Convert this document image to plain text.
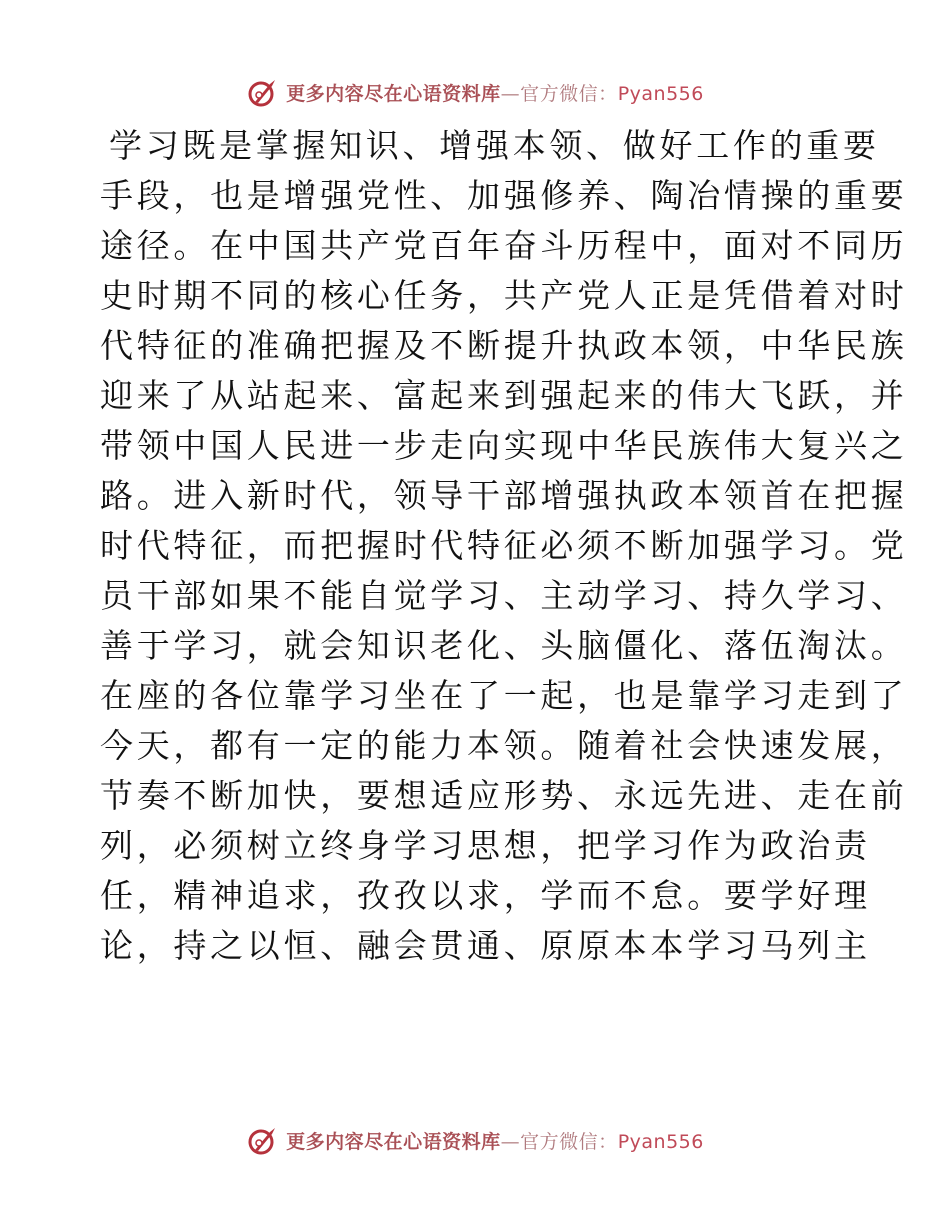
更多内容尽在心语资料库—官方微信：Pyan556
学习既是掌握知识、增强本领、做好工作的重要
手段，也是增强党性、加强修养、陶冶情操的重要
途径。在中国共产党百年奋斗历程中，面对不同历
史时期不同的核心任务，共产党人正是凭借着对时
代特征的准确把握及不断提升执政本领，中华民族
迎来了从站起来、富起来到强起来的伟大飞跃，并
带领中国人民进一步走向实现中华民族伟大复兴之
路。进入新时代，领导干部增强执政本领首在把握
时代特征，而把握时代特征必须不断加强学习。党
员干部如果不能自觉学习、主动学习、持久学习、
善于学习，就会知识老化、头脑僵化、落伍淘汰。
在座的各位靠学习坐在了一起，也是靠学习走到了
今天，都有一定的能力本领。随着社会快速发展，
节奏不断加快，要想适应形势、永远先进、走在前
列，必须树立终身学习思想，把学习作为政治责
任，精神追求，孜孜以求，学而不怠。要学好理
论，持之以恒、融会贯通、原原本本学习马列主
更多内容尽在心语资料库—官方微信：Pyan556
